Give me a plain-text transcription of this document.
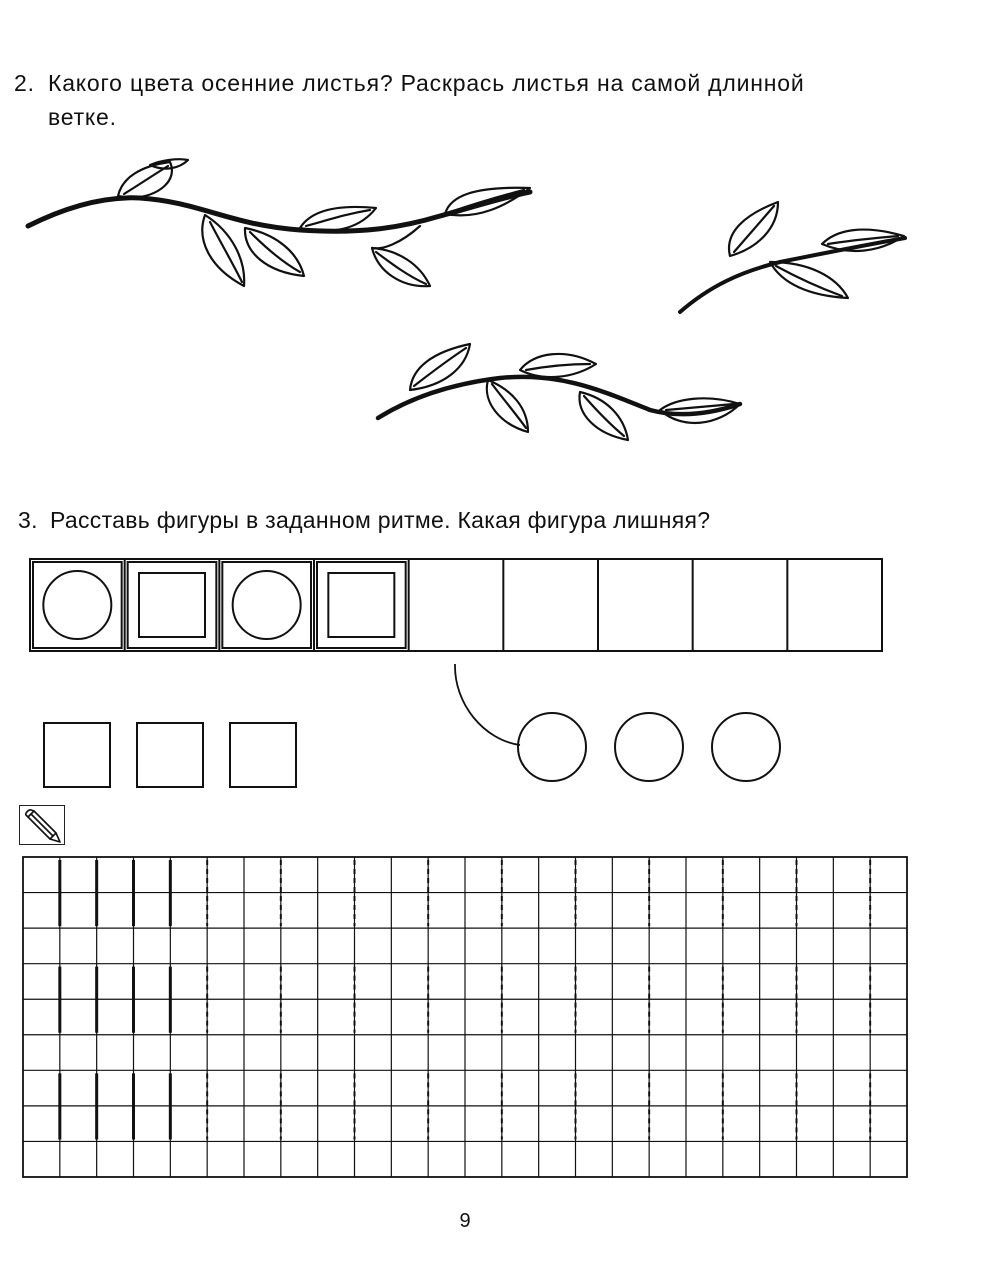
2. Какого цвета осенние листья? Раскрась листья на самой длинной
ветке.
3. Расставь фигуры в заданном ритме. Какая фигура лишняя?
9
